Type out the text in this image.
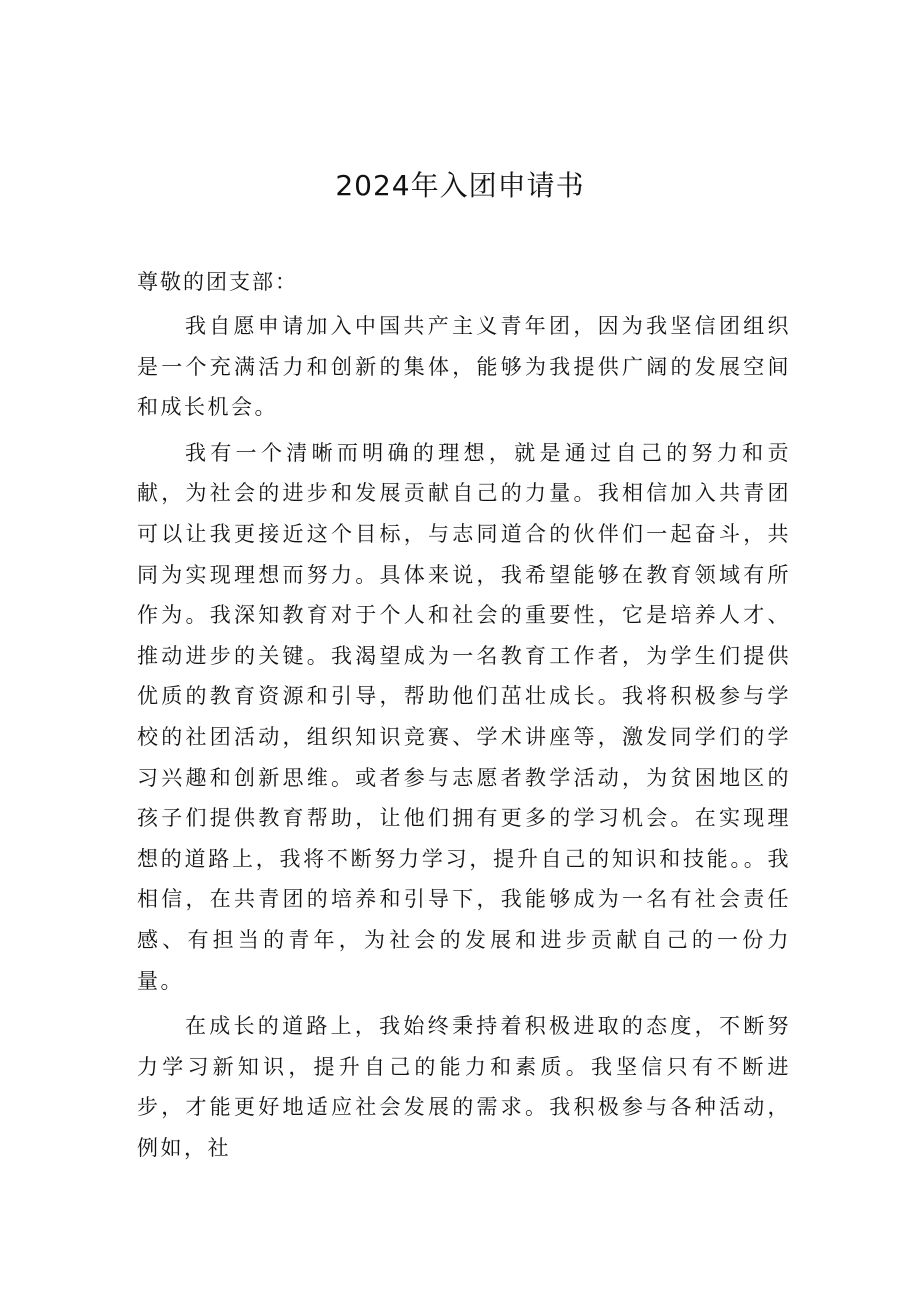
2024年入团申请书
尊敬的团支部：

我自愿申请加入中国共产主义青年团，因为我坚信团组织是一个充满活力和创新的集体，能够为我提供广阔的发展空间和成长机会。

我有一个清晰而明确的理想，就是通过自己的努力和贡献，为社会的进步和发展贡献自己的力量。我相信加入共青团可以让我更接近这个目标，与志同道合的伙伴们一起奋斗，共同为实现理想而努力。具体来说，我希望能够在教育领域有所作为。我深知教育对于个人和社会的重要性，它是培养人才、推动进步的关键。我渴望成为一名教育工作者，为学生们提供优质的教育资源和引导，帮助他们茁壮成长。我将积极参与学校的社团活动，组织知识竞赛、学术讲座等，激发同学们的学习兴趣和创新思维。或者参与志愿者教学活动，为贫困地区的孩子们提供教育帮助，让他们拥有更多的学习机会。在实现理想的道路上，我将不断努力学习，提升自己的知识和技能。。我相信，在共青团的培养和引导下，我能够成为一名有社会责任感、有担当的青年，为社会的发展和进步贡献自己的一份力量。

在成长的道路上，我始终秉持着积极进取的态度，不断努力学习新知识，提升自己的能力和素质。我坚信只有不断进步，才能更好地适应社会发展的需求。我积极参与各种活动，例如，社
